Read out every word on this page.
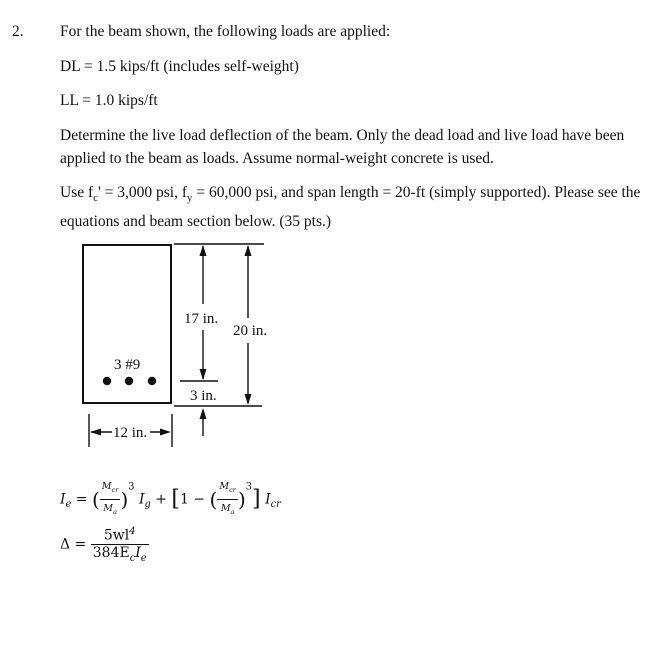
2. For the beam shown, the following loads are applied:
DL = 1.5 kips/ft (includes self-weight)
LL = 1.0 kips/ft
Determine the live load deflection of the beam. Only the dead load and live load have been applied to the beam as loads. Assume normal-weight concrete is used.
Use $f_c' = 3,000$ psi, $f_y = 60,000$ psi, and span length = 20-ft (simply supported). Please see the equations and beam section below. (35 pts.)
3 #9
17 in.
20 in.
3 in.
12 in.
$I_e$ = ( $\frac{M_{cr}}{M_a} )^3$ $I_g + [1$ − ( $\frac{M_{cr}}{M_a} )^3$] $I_{cr}$
$\Delta = \frac{5wl^4}{384E_cI_e}$
